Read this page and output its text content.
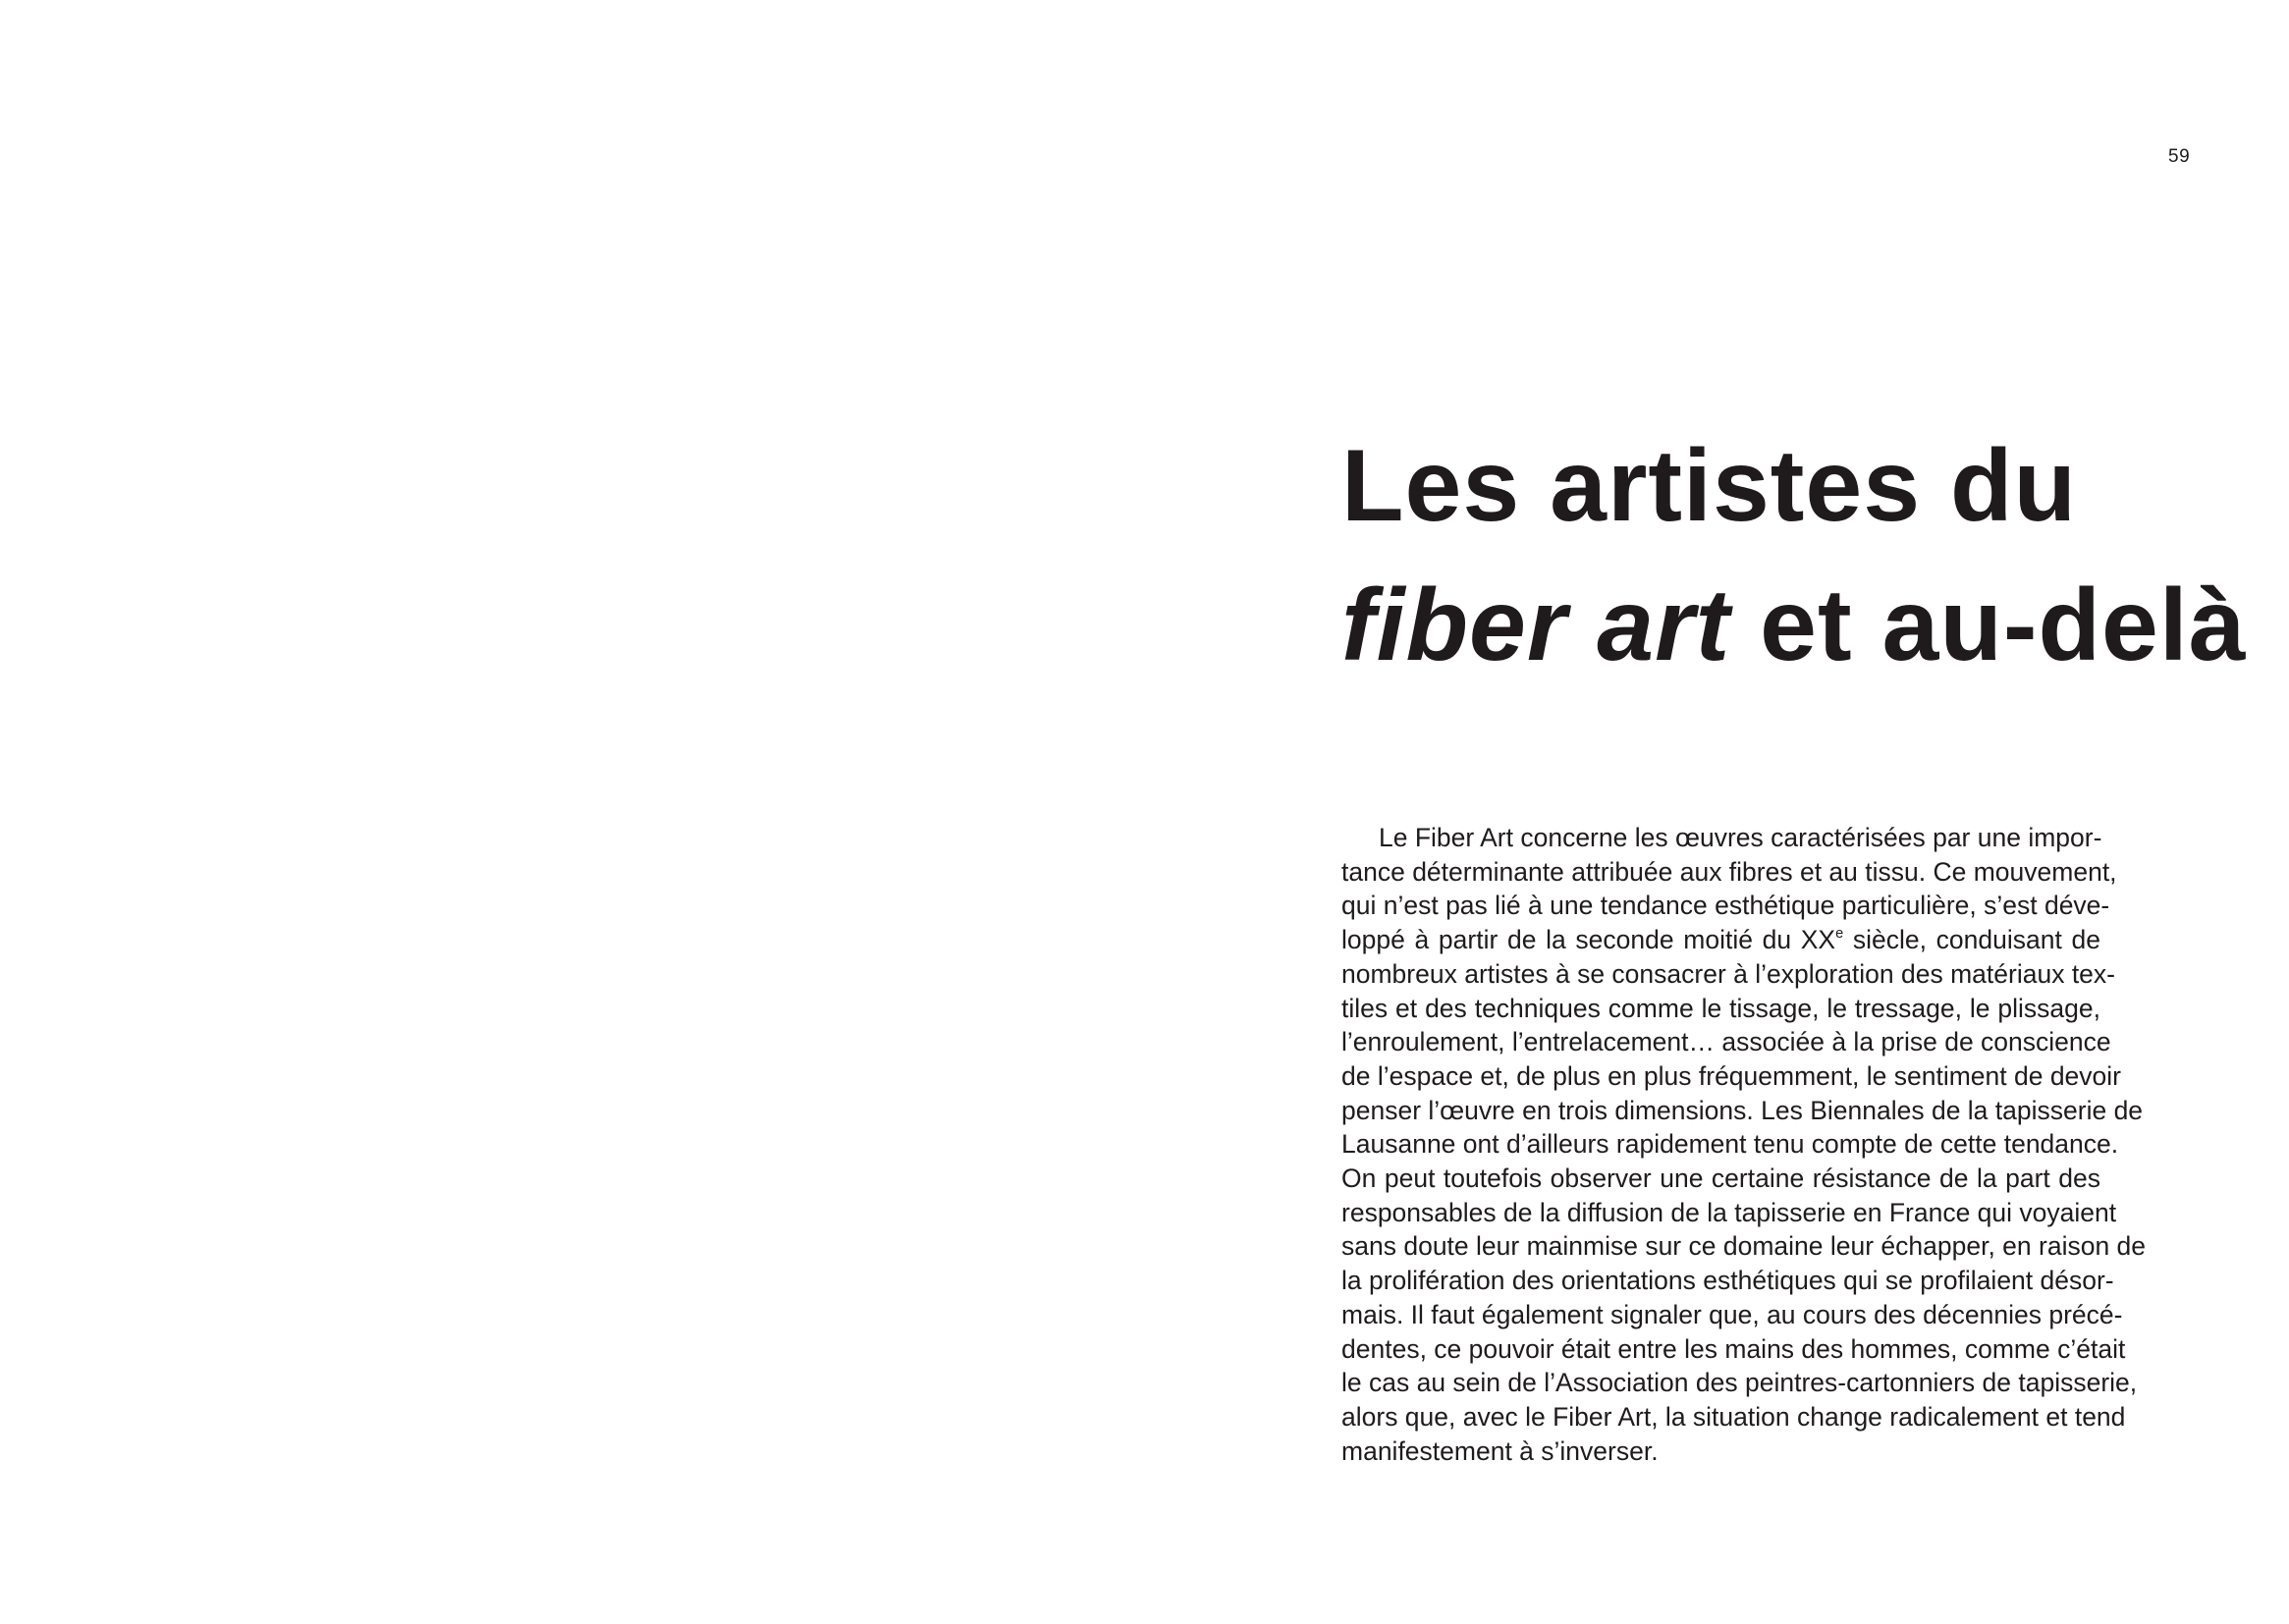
59
Les artistes du
fiber art et au-delà
Le Fiber Art concerne les œuvres caractérisées par une impor-
tance déterminante attribuée aux fibres et au tissu. Ce mouvement,
qui n’est pas lié à une tendance esthétique particulière, s’est déve-
loppé à partir de la seconde moitié du XXe siècle, conduisant de
nombreux artistes à se consacrer à l’exploration des matériaux tex-
tiles et des techniques comme le tissage, le tressage, le plissage,
l’enroulement, l’entrelacement… associée à la prise de conscience
de l’espace et, de plus en plus fréquemment, le sentiment de devoir
penser l’œuvre en trois dimensions. Les Biennales de la tapisserie de
Lausanne ont d’ailleurs rapidement tenu compte de cette tendance.
On peut toutefois observer une certaine résistance de la part des
responsables de la diffusion de la tapisserie en France qui voyaient
sans doute leur mainmise sur ce domaine leur échapper, en raison de
la prolifération des orientations esthétiques qui se profilaient désor-
mais. Il faut également signaler que, au cours des décennies précé-
dentes, ce pouvoir était entre les mains des hommes, comme c’était
le cas au sein de l’Association des peintres-cartonniers de tapisserie,
alors que, avec le Fiber Art, la situation change radicalement et tend
manifestement à s’inverser.
